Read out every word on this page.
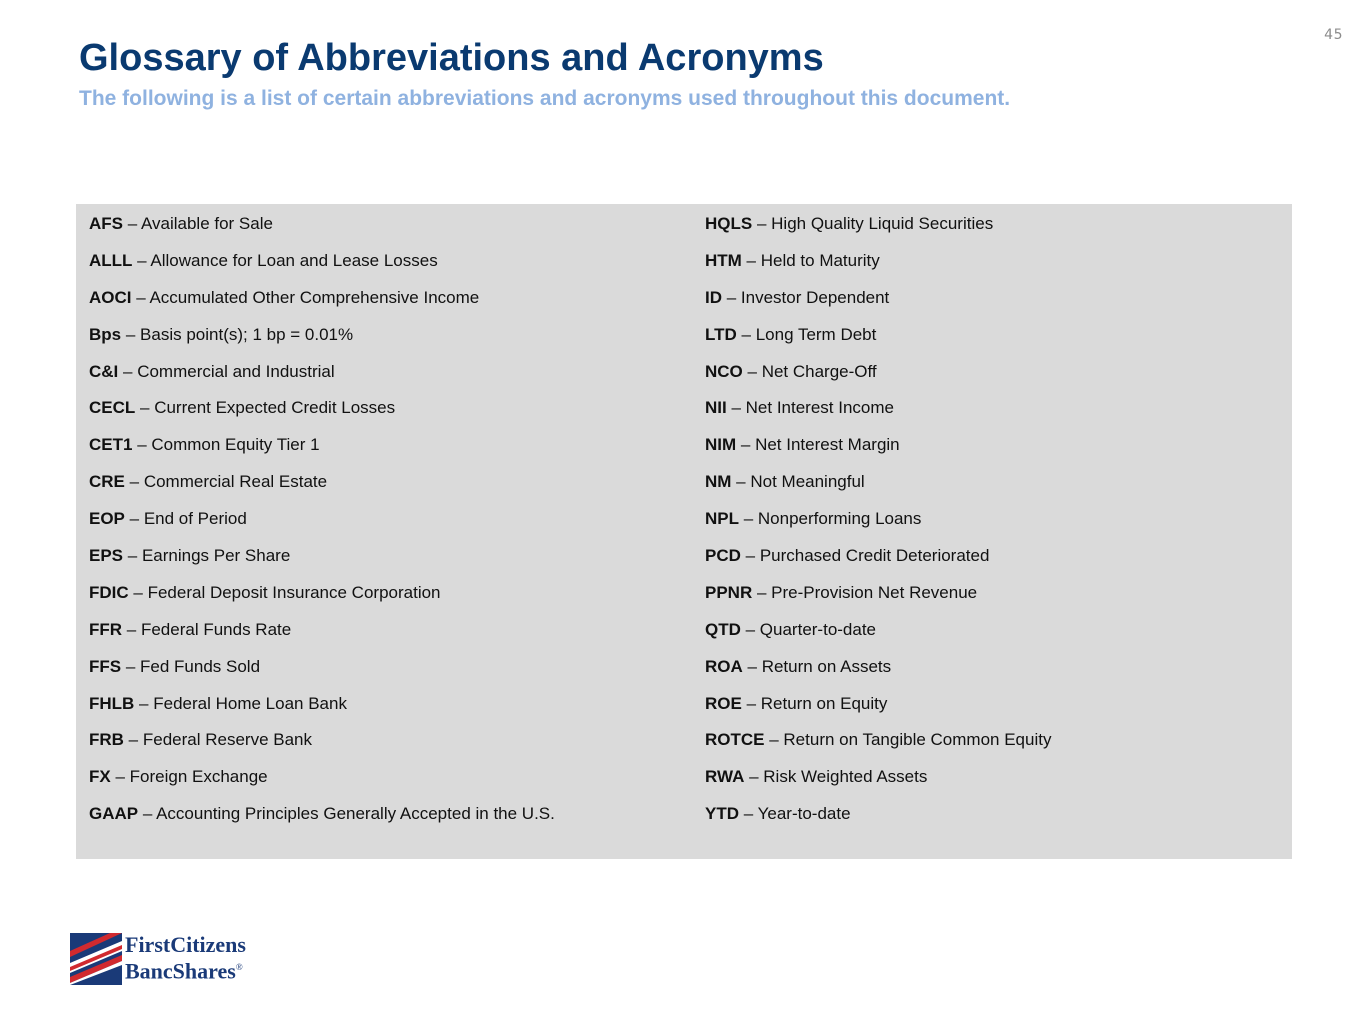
45
Glossary of Abbreviations and Acronyms
The following is a list of certain abbreviations and acronyms used throughout this document.
AFS – Available for Sale
ALLL – Allowance for Loan and Lease Losses
AOCI – Accumulated Other Comprehensive Income
Bps – Basis point(s); 1 bp = 0.01%
C&I – Commercial and Industrial
CECL – Current Expected Credit Losses
CET1 – Common Equity Tier 1
CRE – Commercial Real Estate
EOP – End of Period
EPS – Earnings Per Share
FDIC – Federal Deposit Insurance Corporation
FFR – Federal Funds Rate
FFS – Fed Funds Sold
FHLB – Federal Home Loan Bank
FRB – Federal Reserve Bank
FX – Foreign Exchange
GAAP – Accounting Principles Generally Accepted in the U.S.
HQLS – High Quality Liquid Securities
HTM – Held to Maturity
ID – Investor Dependent
LTD – Long Term Debt
NCO – Net Charge-Off
NII – Net Interest Income
NIM – Net Interest Margin
NM – Not Meaningful
NPL – Nonperforming Loans
PCD – Purchased Credit Deteriorated
PPNR – Pre-Provision Net Revenue
QTD – Quarter-to-date
ROA – Return on Assets
ROE – Return on Equity
ROTCE – Return on Tangible Common Equity
RWA – Risk Weighted Assets
YTD – Year-to-date
FirstCitizens
BancShares®
